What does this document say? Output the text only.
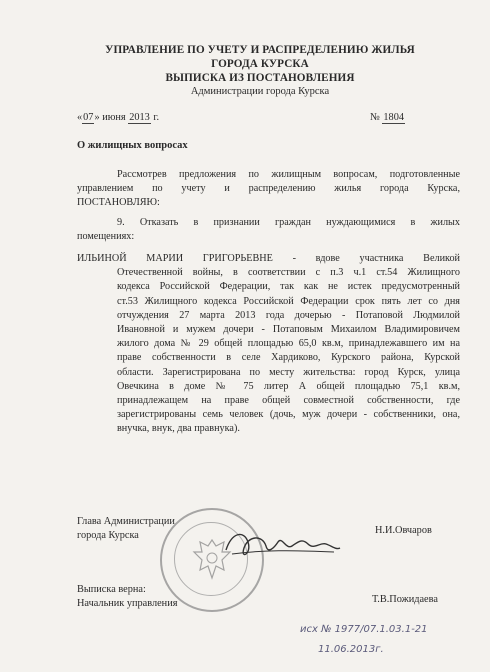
УПРАВЛЕНИЕ ПО УЧЕТУ И РАСПРЕДЕЛЕНИЮ ЖИЛЬЯ
ГОРОДА КУРСКА
ВЫПИСКА ИЗ ПОСТАНОВЛЕНИЯ
Администрации города Курска
«07» июня 2013 г.	№ 1804
О жилищных вопросах
Рассмотрев предложения по жилищным вопросам, подготовленные
управлением по учету и распределению жилья города Курска,
ПОСТАНОВЛЯЮ:
9. Отказать в признании граждан нуждающимися в жилых
помещениях:
ИЛЬИНОЙ МАРИИ ГРИГОРЬЕВНЕ - вдове участника Великой
Отечественной войны, в соответствии с п.3 ч.1 ст.54 Жилищного
кодекса Российской Федерации, так как не истек предусмотренный
ст.53 Жилищного кодекса Российской Федерации срок пять лет со дня
отчуждения 27 марта 2013 года дочерью - Потаповой Людмилой
Ивановной и мужем дочери - Потаповым Михаилом Владимировичем
жилого дома № 29 общей площадью 65,0 кв.м, принадлежавшего им на
праве собственности в селе Хардиково, Курского района, Курской
области. Зарегистрирована по месту жительства: город Курск, улица
Овечкина в доме № 75 литер А общей площадью 75,1 кв.м,
принадлежащем на праве общей совместной собственности, где
зарегистрированы семь человек (дочь, муж дочери - собственники, она,
внучка, внук, два правнука).
Глава Администрации
города Курска	Н.И.Овчаров
Выписка верна:
Начальник управления	Т.В.Пожидаева
исх № 1977/07.1.03.1-21
11.06.2013г.
